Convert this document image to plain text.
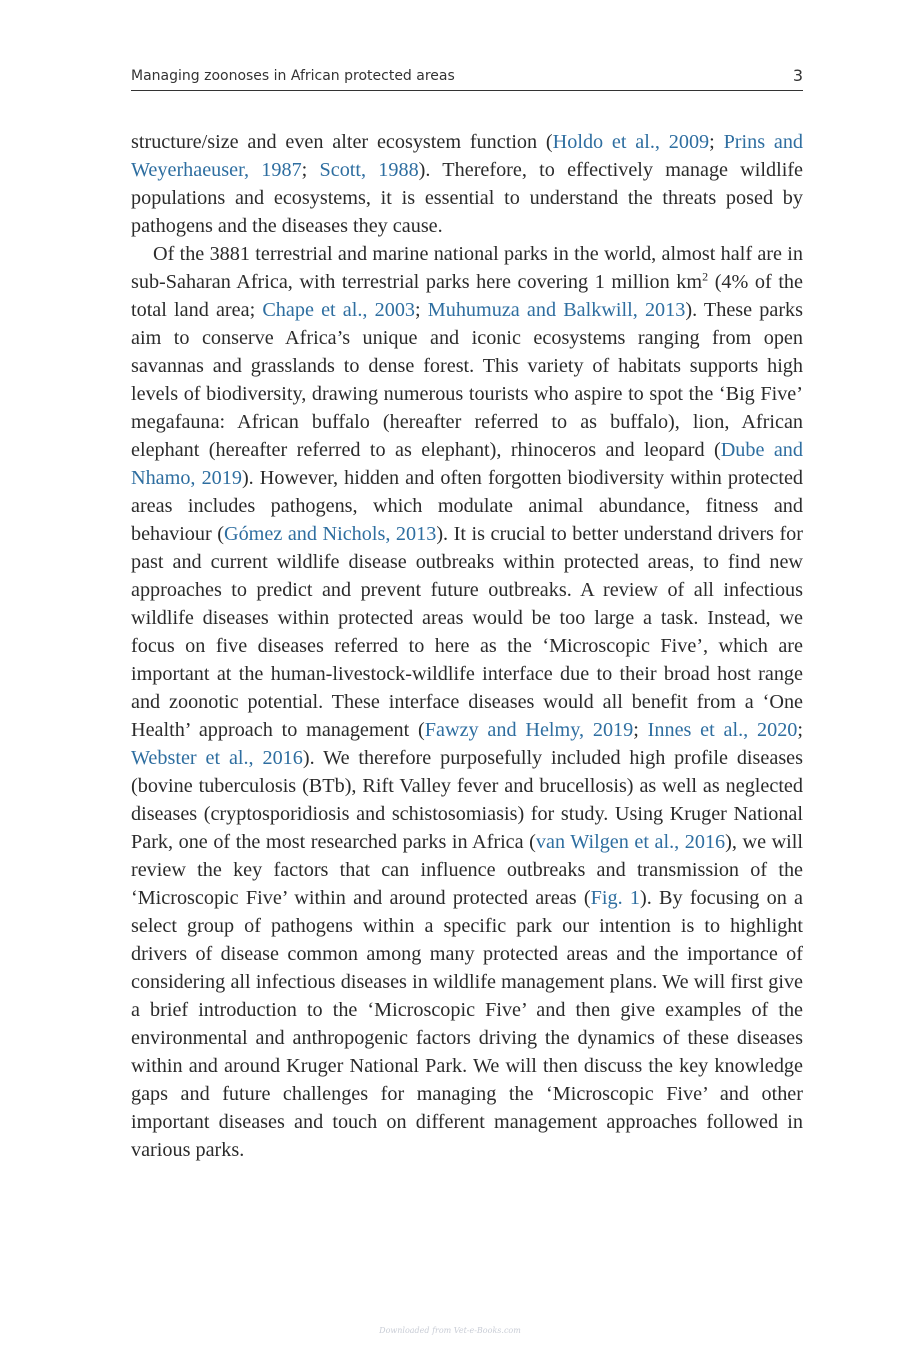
Managing zoonoses in African protected areas	3

structure/size and even alter ecosystem function (Holdo et al., 2009; Prins and Weyerhaeuser, 1987; Scott, 1988). Therefore, to effectively manage wildlife populations and ecosystems, it is essential to understand the threats posed by pathogens and the diseases they cause.

Of the 3881 terrestrial and marine national parks in the world, almost half are in sub-Saharan Africa, with terrestrial parks here covering 1 million $km^2$ (4% of the total land area; Chape et al., 2003; Muhumuza and Balkwill, 2013). These parks aim to conserve Africa’s unique and iconic ecosystems ranging from open savannas and grasslands to dense forest. This variety of habitats supports high levels of biodiversity, drawing numerous tourists who aspire to spot the ‘Big Five’ megafauna: African buffalo (hereafter referred to as buffalo), lion, African elephant (hereafter referred to as elephant), rhinoceros and leopard (Dube and Nhamo, 2019). However, hidden and often forgotten biodiversity within protected areas includes pathogens, which modulate animal abundance, fitness and behaviour (Gómez and Nichols, 2013). It is crucial to better understand drivers for past and current wildlife disease outbreaks within protected areas, to find new approaches to predict and prevent future outbreaks. A review of all infectious wildlife diseases within protected areas would be too large a task. Instead, we focus on five diseases referred to here as the ‘Microscopic Five’, which are important at the human-livestock-wildlife interface due to their broad host range and zoonotic potential. These interface diseases would all benefit from a ‘One Health’ approach to management (Fawzy and Helmy, 2019; Innes et al., 2020; Webster et al., 2016). We therefore purposefully included high profile diseases (bovine tuberculosis (BTb), Rift Valley fever and brucellosis) as well as neglected diseases (cryptosporidiosis and schistosomiasis) for study. Using Kruger National Park, one of the most researched parks in Africa (van Wilgen et al., 2016), we will review the key factors that can influence outbreaks and transmission of the ‘Microscopic Five’ within and around protected areas (Fig. 1). By focusing on a select group of pathogens within a specific park our intention is to highlight drivers of disease common among many protected areas and the importance of considering all infectious diseases in wildlife management plans. We will first give a brief introduction to the ‘Microscopic Five’ and then give examples of the environmental and anthropogenic factors driving the dynamics of these diseases within and around Kruger National Park. We will then discuss the key knowledge gaps and future challenges for managing the ‘Microscopic Five’ and other important diseases and touch on different management approaches followed in various parks.

Downloaded from Vet-e-Books.com
